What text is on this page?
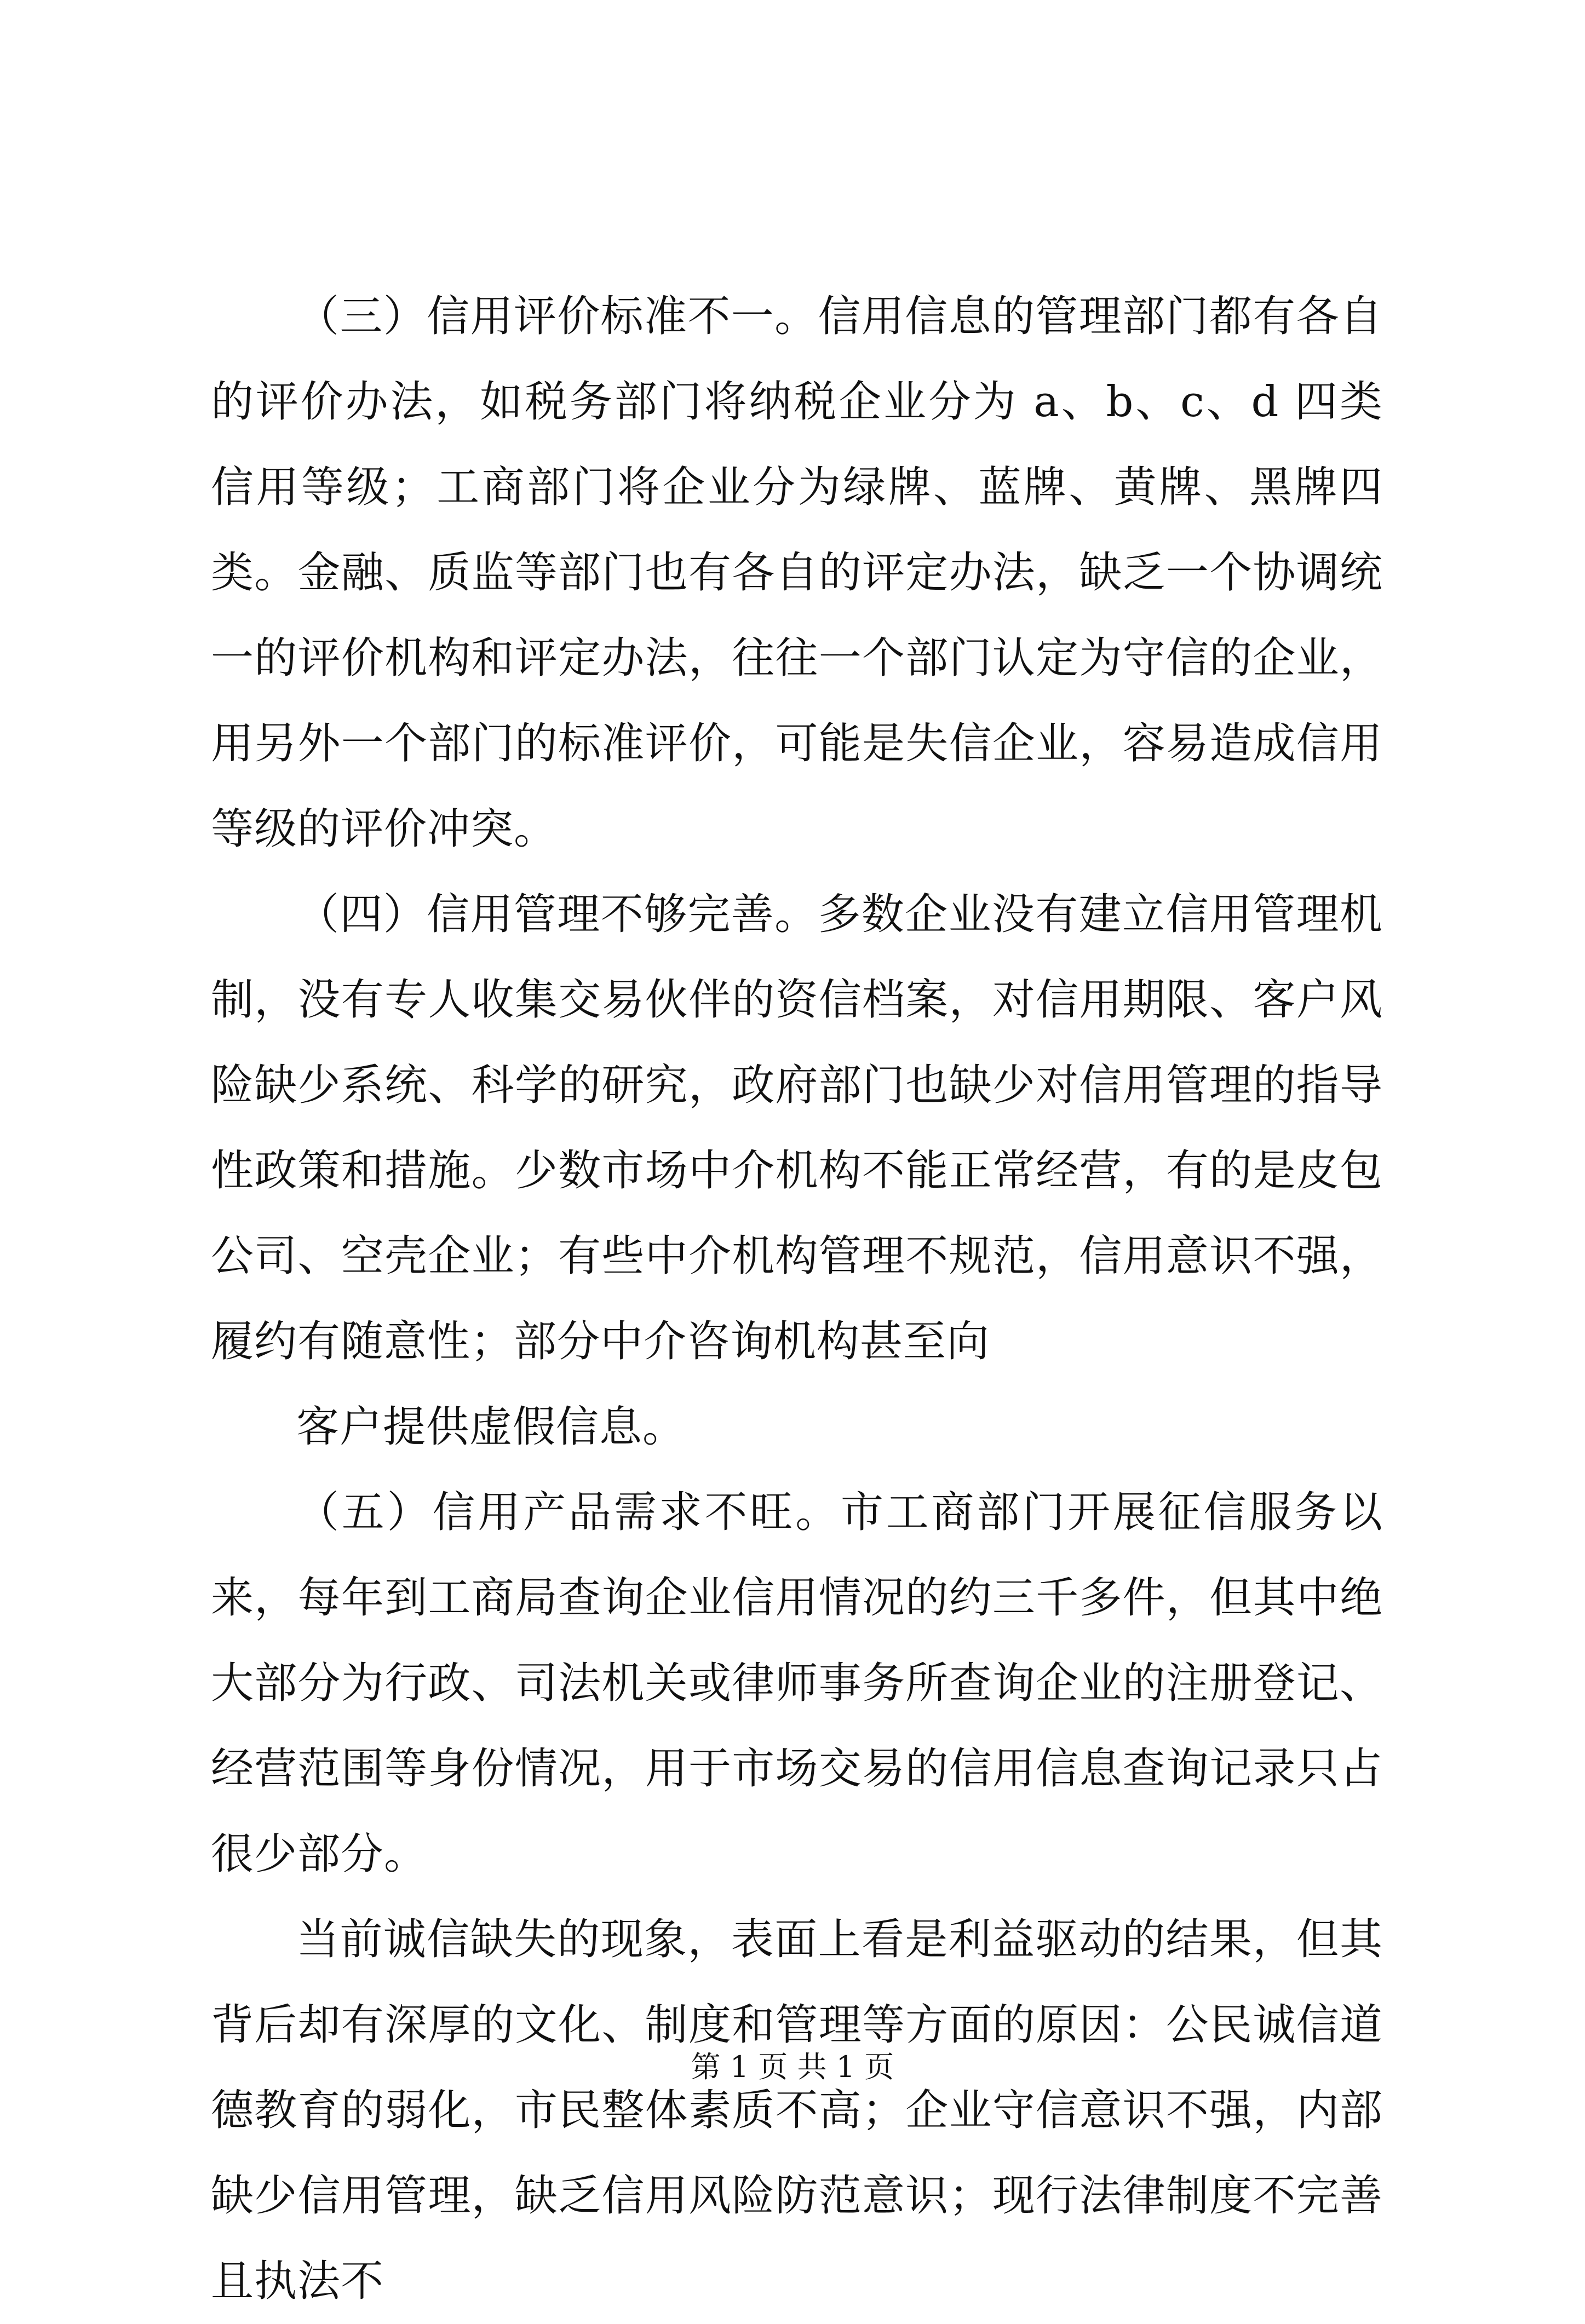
（三）信用评价标准不一。信用信息的管理部门都有各自的评价办法，如税务部门将纳税企业分为 a、b、c、d 四类信用等级；工商部门将企业分为绿牌、蓝牌、黄牌、黑牌四类。金融、质监等部门也有各自的评定办法，缺乏一个协调统一的评价机构和评定办法，往往一个部门认定为守信的企业，用另外一个部门的标准评价，可能是失信企业，容易造成信用等级的评价冲突。

（四）信用管理不够完善。多数企业没有建立信用管理机制，没有专人收集交易伙伴的资信档案，对信用期限、客户风险缺少系统、科学的研究，政府部门也缺少对信用管理的指导性政策和措施。少数市场中介机构不能正常经营，有的是皮包公司、空壳企业；有些中介机构管理不规范，信用意识不强，履约有随意性；部分中介咨询机构甚至向

客户提供虚假信息。

（五）信用产品需求不旺。市工商部门开展征信服务以来，每年到工商局查询企业信用情况的约三千多件，但其中绝大部分为行政、司法机关或律师事务所查询企业的注册登记、经营范围等身份情况，用于市场交易的信用信息查询记录只占很少部分。

当前诚信缺失的现象，表面上看是利益驱动的结果，但其背后却有深厚的文化、制度和管理等方面的原因：公民诚信道德教育的弱化，市民整体素质不高；企业守信意识不强，内部缺少信用管理，缺乏信用风险防范意识；现行法律制度不完善且执法不

第 1 页 共 1 页
